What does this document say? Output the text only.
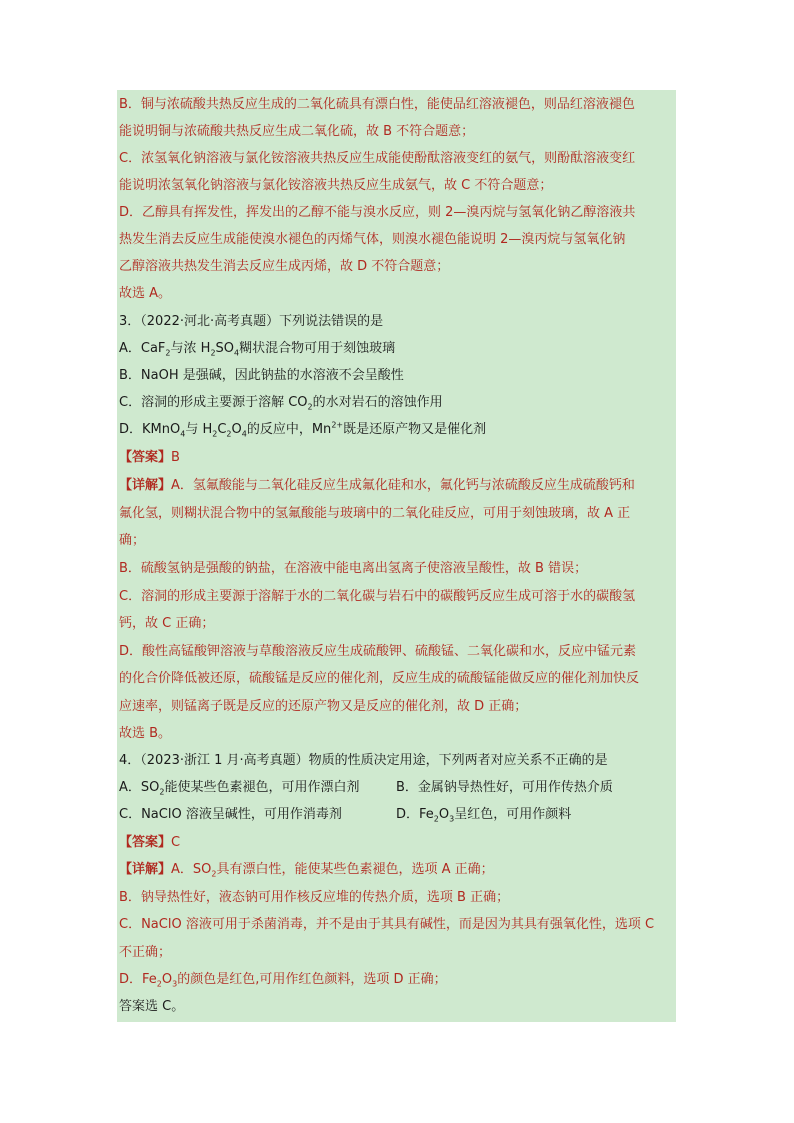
B．铜与浓硫酸共热反应生成的二氧化硫具有漂白性，能使品红溶液褪色，则品红溶液褪色
能说明铜与浓硫酸共热反应生成二氧化硫，故 B 不符合题意；
C．浓氢氧化钠溶液与氯化铵溶液共热反应生成能使酚酞溶液变红的氨气，则酚酞溶液变红
能说明浓氢氧化钠溶液与氯化铵溶液共热反应生成氨气，故 C 不符合题意；
D．乙醇具有挥发性，挥发出的乙醇不能与溴水反应，则 2—溴丙烷与氢氧化钠乙醇溶液共
热发生消去反应生成能使溴水褪色的丙烯气体，则溴水褪色能说明 2—溴丙烷与氢氧化钠
乙醇溶液共热发生消去反应生成丙烯，故 D 不符合题意；
故选 A。
3．（2022·河北·高考真题）下列说法错误的是
A．CaF$_2$与浓 $H_2SO_4$糊状混合物可用于刻蚀玻璃
B．NaOH 是强碱，因此钠盐的水溶液不会呈酸性
C．溶洞的形成主要源于溶解 $CO_2$的水对岩石的溶蚀作用
D．KMnO$_4$与 $H_2C_2O_4$的反应中，$Mn^{2+}$既是还原产物又是催化剂
【答案】B
【详解】A．氢氟酸能与二氧化硅反应生成氟化硅和水，氟化钙与浓硫酸反应生成硫酸钙和
氟化氢，则糊状混合物中的氢氟酸能与玻璃中的二氧化硅反应，可用于刻蚀玻璃，故 A 正
确；
B．硫酸氢钠是强酸的钠盐，在溶液中能电离出氢离子使溶液呈酸性，故 B 错误；
C．溶洞的形成主要源于溶解于水的二氧化碳与岩石中的碳酸钙反应生成可溶于水的碳酸氢
钙，故 C 正确；
D．酸性高锰酸钾溶液与草酸溶液反应生成硫酸钾、硫酸锰、二氧化碳和水，反应中锰元素
的化合价降低被还原，硫酸锰是反应的催化剂，反应生成的硫酸锰能做反应的催化剂加快反
应速率，则锰离子既是反应的还原产物又是反应的催化剂，故 D 正确；
故选 B。
4．（2023·浙江 1 月·高考真题）物质的性质决定用途，下列两者对应关系不正确的是
A．$SO_2$能使某些色素褪色，可用作漂白剂	B．金属钠导热性好，可用作传热介质
C．NaClO 溶液呈碱性，可用作消毒剂	D．$Fe_2O_3$呈红色，可用作颜料
【答案】C
【详解】A．$SO_2$具有漂白性，能使某些色素褪色，选项 A 正确；
B．钠导热性好，液态钠可用作核反应堆的传热介质，选项 B 正确；
C．NaClO 溶液可用于杀菌消毒，并不是由于其具有碱性，而是因为其具有强氧化性，选项 C
不正确；
D．$Fe_2O_3$的颜色是红色,可用作红色颜料，选项 D 正确；
答案选 C。
